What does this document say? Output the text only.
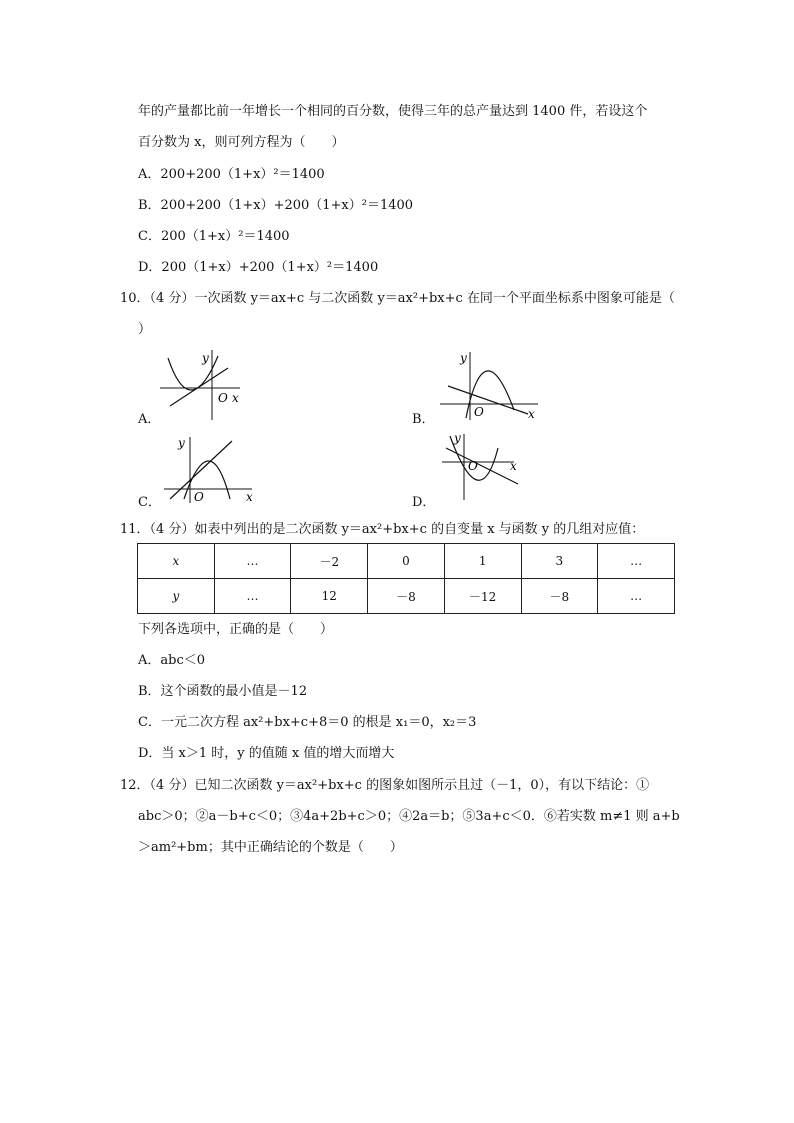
年的产量都比前一年增长一个相同的百分数，使得三年的总产量达到 1400 件，若设这个
百分数为 x，则可列方程为（　　）
A．200+200（1+x）²＝1400
B．200+200（1+x）+200（1+x）²＝1400
C．200（1+x）²＝1400
D．200（1+x）+200（1+x）²＝1400
10．（4 分）一次函数 y＝ax+c 与二次函数 y＝ax²+bx+c 在同一个平面坐标系中图象可能是（
）
A．
y
O x
B．
y
O	x
C．
y
O	x	D．
y
O	x
11．（4 分）如表中列出的是二次函数 y＝ax²+bx+c 的自变量 x 与函数 y 的几组对应值：
x	…	－2	0	1	3	…
y	…	12	－8	－12	－8	…
下列各选项中，正确的是（　　）
A．abc＜0
B．这个函数的最小值是－12
C．一元二次方程 ax²+bx+c+8＝0 的根是 x₁＝0，x₂＝3
D．当 x＞1 时，y 的值随 x 值的增大而增大
12．（4 分）已知二次函数 y＝ax²+bx+c 的图象如图所示且过（－1，0），有以下结论：①
abc＞0；②a－b+c＜0；③4a+2b+c＞0；④2a＝b；⑤3a+c＜0．⑥若实数 m≠1 则 a+b
＞am²+bm；其中正确结论的个数是（　　）
